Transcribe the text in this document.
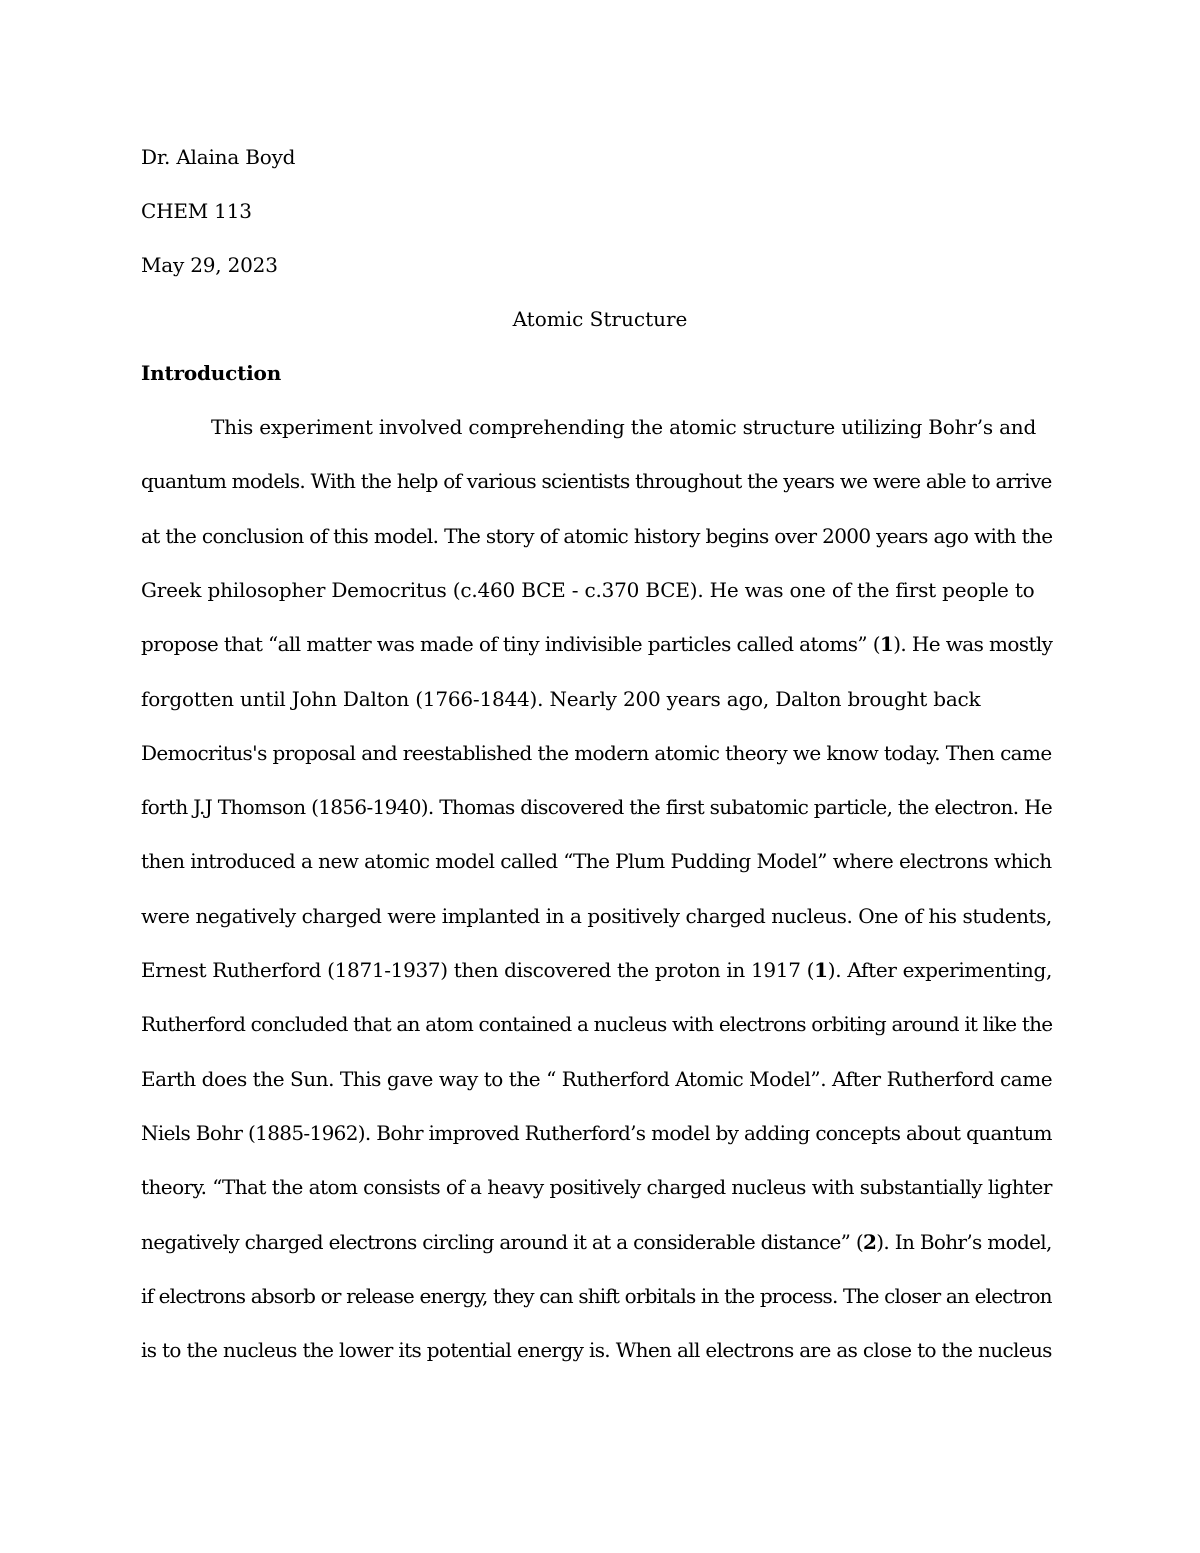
Dr. Alaina Boyd
CHEM 113
May 29, 2023
Atomic Structure
Introduction
This experiment involved comprehending the atomic structure utilizing Bohr’s and
quantum models. With the help of various scientists throughout the years we were able to arrive
at the conclusion of this model. The story of atomic history begins over 2000 years ago with the
Greek philosopher Democritus (c.460 BCE - c.370 BCE). He was one of the first people to
propose that “all matter was made of tiny indivisible particles called atoms” (1). He was mostly
forgotten until John Dalton (1766-1844). Nearly 200 years ago, Dalton brought back
Democritus's proposal and reestablished the modern atomic theory we know today. Then came
forth J.J Thomson (1856-1940). Thomas discovered the first subatomic particle, the electron. He
then introduced a new atomic model called “The Plum Pudding Model” where electrons which
were negatively charged were implanted in a positively charged nucleus. One of his students,
Ernest Rutherford (1871-1937) then discovered the proton in 1917 (1). After experimenting,
Rutherford concluded that an atom contained a nucleus with electrons orbiting around it like the
Earth does the Sun. This gave way to the “ Rutherford Atomic Model”. After Rutherford came
Niels Bohr (1885-1962). Bohr improved Rutherford’s model by adding concepts about quantum
theory. “That the atom consists of a heavy positively charged nucleus with substantially lighter
negatively charged electrons circling around it at a considerable distance” (2). In Bohr’s model,
if electrons absorb or release energy, they can shift orbitals in the process. The closer an electron
is to the nucleus the lower its potential energy is. When all electrons are as close to the nucleus
